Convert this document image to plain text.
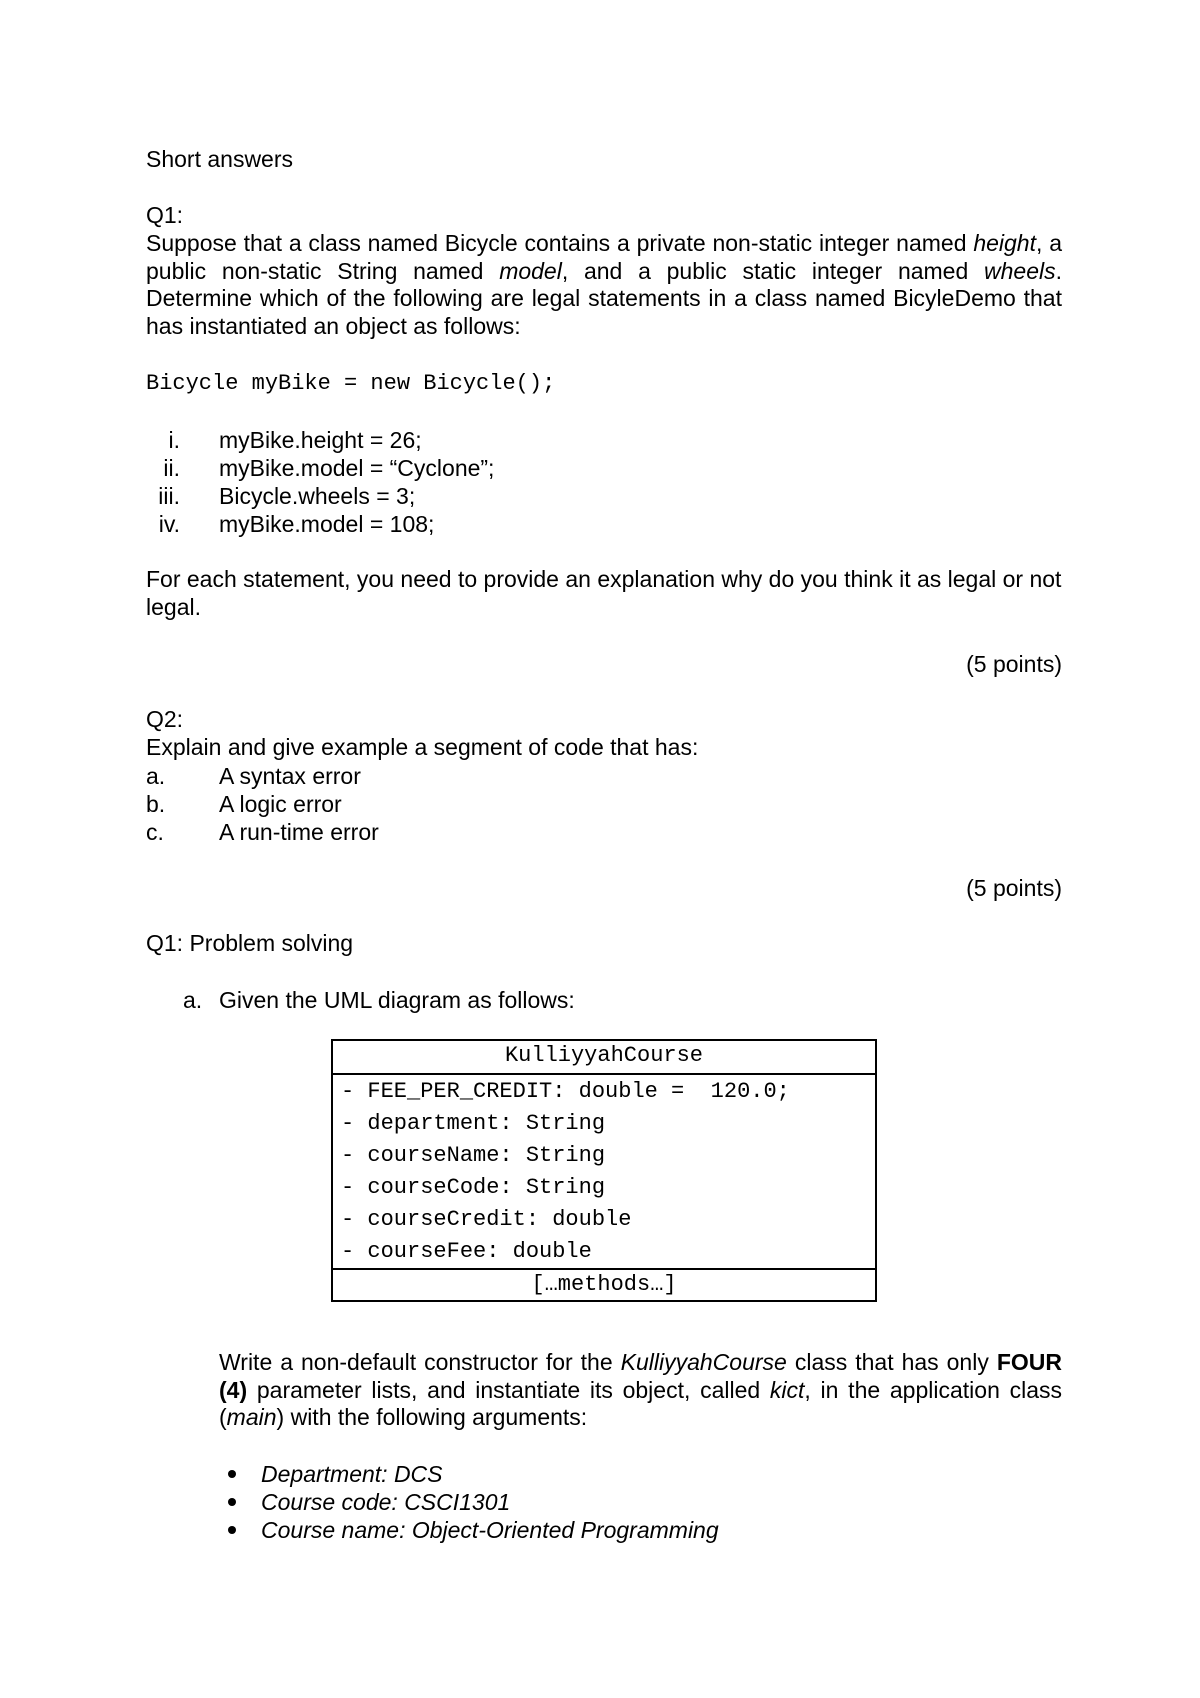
Short answers
Q1:

Suppose that a class named Bicycle contains a private non-static integer named height, a public non-static String named model, and a public static integer named wheels. Determine which of the following are legal statements in a class named BicyleDemo that has instantiated an object as follows:

Bicycle myBike = new Bicycle();
i. myBike.height = 26;
ii. myBike.model = “Cyclone”;
iii. Bicycle.wheels = 3;
iv. myBike.model = 108;

For each statement, you need to provide an explanation why do you think it as legal or not legal.

(5 points)
Q2:
Explain and give example a segment of code that has:
a. A syntax error
b. A logic error
c. A run-time error
(5 points)
Q1: Problem solving
a. Given the UML diagram as follows:
KulliyyahCourse
- FEE_PER_CREDIT: double =  120.0;
- department: String
- courseName: String
- courseCode: String
- courseCredit: double
- courseFee: double
[…methods…]

Write a non-default constructor for the KulliyyahCourse class that has only FOUR (4) parameter lists, and instantiate its object, called kict, in the application class (main) with the following arguments:

Department: DCS
Course code: CSCI1301
Course name: Object-Oriented Programming
